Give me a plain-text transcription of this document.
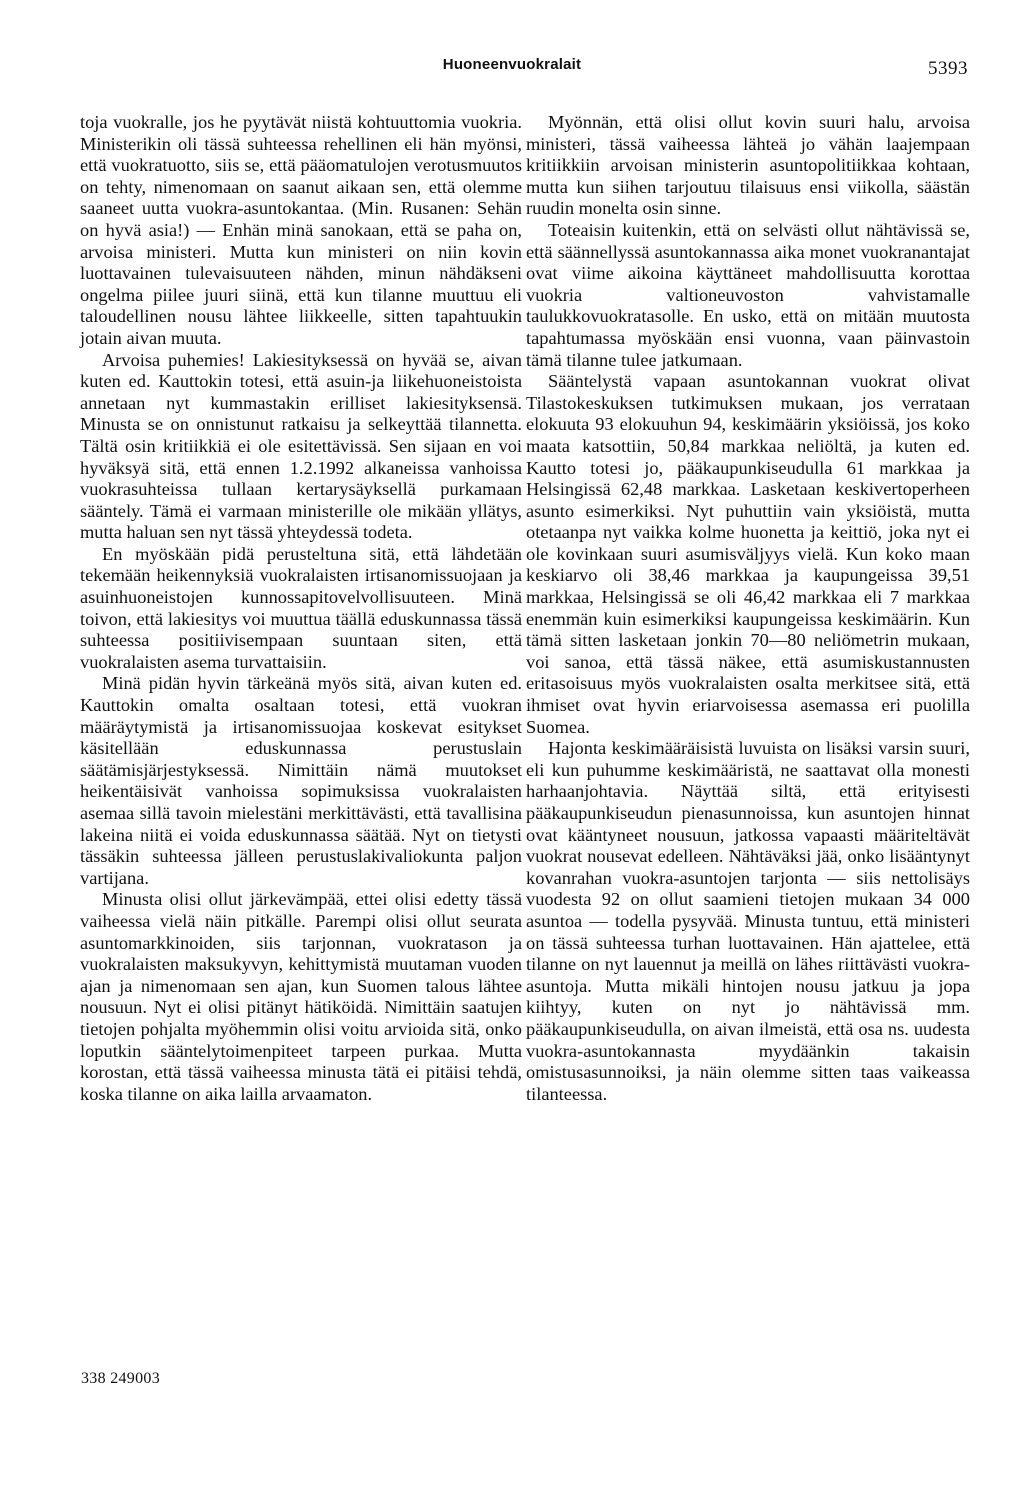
Huoneenvuokralait	5393

toja vuokralle, jos he pyytävät niistä kohtuuttomia vuokria. Ministerikin oli tässä suhteessa rehellinen eli hän myönsi, että vuokratuotto, siis se, että pääomatulojen verotusmuutos on tehty, nimenomaan on saanut aikaan sen, että olemme saaneet uutta vuokra-asuntokantaa. (Min. Rusanen: Sehän on hyvä asia!) — Enhän minä sanokaan, että se paha on, arvoisa ministeri. Mutta kun ministeri on niin kovin luottavainen tulevaisuuteen nähden, minun nähdäkseni ongelma piilee juuri siinä, että kun tilanne muuttuu eli taloudellinen nousu lähtee liikkeelle, sitten tapahtuukin jotain aivan muuta.

Arvoisa puhemies! Lakiesityksessä on hyvää se, aivan kuten ed. Kauttokin totesi, että asuin-ja liikehuoneistoista annetaan nyt kummastakin erilliset lakiesityksensä. Minusta se on onnistunut ratkaisu ja selkeyttää tilannetta. Tältä osin kritiikkiä ei ole esitettävissä. Sen sijaan en voi hyväksyä sitä, että ennen 1.2.1992 alkaneissa vanhoissa vuokrasuhteissa tullaan kertarysäyksellä purkamaan sääntely. Tämä ei varmaan ministerille ole mikään yllätys, mutta haluan sen nyt tässä yhteydessä todeta.

En myöskään pidä perusteltuna sitä, että lähdetään tekemään heikennyksiä vuokralaisten irtisanomissuojaan ja asuinhuoneistojen kunnossapitovelvollisuuteen. Minä toivon, että lakiesitys voi muuttua täällä eduskunnassa tässä suhteessa positiivisempaan suuntaan siten, että vuokralaisten asema turvattaisiin.

Minä pidän hyvin tärkeänä myös sitä, aivan kuten ed. Kauttokin omalta osaltaan totesi, että vuokran määräytymistä ja irtisanomissuojaa koskevat esitykset käsitellään eduskunnassa perustuslain säätämisjärjestyksessä. Nimittäin nämä muutokset heikentäisivät vanhoissa sopimuksissa vuokralaisten asemaa sillä tavoin mielestäni merkittävästi, että tavallisina lakeina niitä ei voida eduskunnassa säätää. Nyt on tietysti tässäkin suhteessa jälleen perustuslakivaliokunta paljon vartijana.

Minusta olisi ollut järkevämpää, ettei olisi edetty tässä vaiheessa vielä näin pitkälle. Parempi olisi ollut seurata asuntomarkkinoiden, siis tarjonnan, vuokratason ja vuokralaisten maksukyvyn, kehittymistä muutaman vuoden ajan ja nimenomaan sen ajan, kun Suomen talous lähtee nousuun. Nyt ei olisi pitänyt hätiköidä. Nimittäin saatujen tietojen pohjalta myöhemmin olisi voitu arvioida sitä, onko loputkin sääntelytoimenpiteet tarpeen purkaa. Mutta korostan, että tässä vaiheessa minusta tätä ei pitäisi tehdä, koska tilanne on aika lailla arvaamaton.

Myönnän, että olisi ollut kovin suuri halu, arvoisa ministeri, tässä vaiheessa lähteä jo vähän laajempaan kritiikkiin arvoisan ministerin asuntopolitiikkaa kohtaan, mutta kun siihen tarjoutuu tilaisuus ensi viikolla, säästän ruudin monelta osin sinne.

Toteaisin kuitenkin, että on selvästi ollut nähtävissä se, että säännellyssä asuntokannassa aika monet vuokranantajat ovat viime aikoina käyttäneet mahdollisuutta korottaa vuokria valtioneuvoston vahvistamalle taulukkovuokratasolle. En usko, että on mitään muutosta tapahtumassa myöskään ensi vuonna, vaan päinvastoin tämä tilanne tulee jatkumaan.

Sääntelystä vapaan asuntokannan vuokrat olivat Tilastokeskuksen tutkimuksen mukaan, jos verrataan elokuuta 93 elokuuhun 94, keskimäärin yksiöissä, jos koko maata katsottiin, 50,84 markkaa neliöltä, ja kuten ed. Kautto totesi jo, pääkaupunkiseudulla 61 markkaa ja Helsingissä 62,48 markkaa. Lasketaan keskivertoperheen asunto esimerkiksi. Nyt puhuttiin vain yksiöistä, mutta otetaanpa nyt vaikka kolme huonetta ja keittiö, joka nyt ei ole kovinkaan suuri asumisväljyys vielä. Kun koko maan keskiarvo oli 38,46 markkaa ja kaupungeissa 39,51 markkaa, Helsingissä se oli 46,42 markkaa eli 7 markkaa enemmän kuin esimerkiksi kaupungeissa keskimäärin. Kun tämä sitten lasketaan jonkin 70—80 neliömetrin mukaan, voi sanoa, että tässä näkee, että asumiskustannusten eritasoisuus myös vuokralaisten osalta merkitsee sitä, että ihmiset ovat hyvin eriarvoisessa asemassa eri puolilla Suomea.

Hajonta keskimääräisistä luvuista on lisäksi varsin suuri, eli kun puhumme keskimääristä, ne saattavat olla monesti harhaanjohtavia. Näyttää siltä, että erityisesti pääkaupunkiseudun pienasunnoissa, kun asuntojen hinnat ovat kääntyneet nousuun, jatkossa vapaasti määriteltävät vuokrat nousevat edelleen. Nähtäväksi jää, onko lisääntynyt kovanrahan vuokra-asuntojen tarjonta — siis nettolisäys vuodesta 92 on ollut saamieni tietojen mukaan 34 000 asuntoa — todella pysyvää. Minusta tuntuu, että ministeri on tässä suhteessa turhan luottavainen. Hän ajattelee, että tilanne on nyt lauennut ja meillä on lähes riittävästi vuokra-asuntoja. Mutta mikäli hintojen nousu jatkuu ja jopa kiihtyy, kuten on nyt jo nähtävissä mm. pääkaupunkiseudulla, on aivan ilmeistä, että osa ns. uudesta vuokra-asuntokannasta myydäänkin takaisin omistusasunnoiksi, ja näin olemme sitten taas vaikeassa tilanteessa.

338 249003
